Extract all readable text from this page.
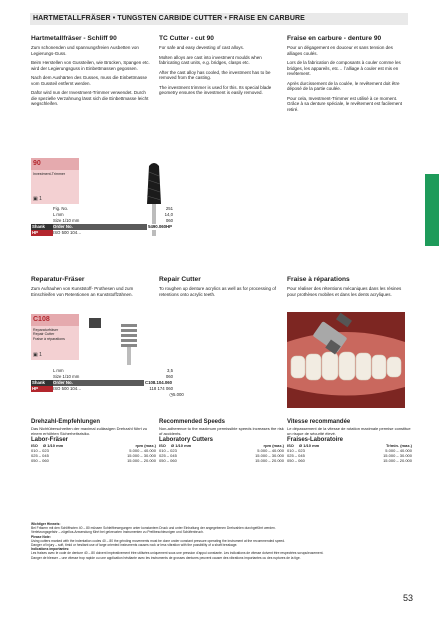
HARTMETALLFRÄSER • TUNGSTEN CARBIDE CUTTER • FRAISE EN CARBURE
Hartmetallfräser - Schliff 90
Zum schonenden und spannungsfreien Ausbetten von Legierungs-Guss.
Beim Herstellen von Gussteilen, wie Brücken, Spangen etc. wird der Legierungsguss in Einbettmassen gegossen.
Nach dem Aushärten des Gusses, muss die Einbettmasse vom Gussteil entfernt werden.
Dafür wird nun der Investment-Trimmer verwendet. Durch die spezielle Verzahnung lässt sich die Einbettmasse leicht wegschleifen.
TC Cutter - cut 90
For safe and easy devesting of cast alloys.
Molten alloys are cast into investment moulds when fabricating cast units, e.g. bridges, clasps etc.
After the cast alloy has cooled, the investment has to be removed from the casting.
The investment trimmer is used for this. Its special blade geometry ensures the investment is easily removed.
Fraise en carbure - denture 90
Pour un dégagement en douceur et sans tension des alliages coulés.
Lors de la fabrication de composants à couler comme les bridges, les appareils, etc… l´alliage à couler est mis en revêtement.
Après durcissement de la coulée, le revêtement doit être déposé de la partie coulée.
Pour cela, Investment-Trimmer est utilisé à ce moment. Grâce à sa denture spéciale, le revêtement est facilement retiré.
90
Investment-Trimmer
▣ 1
Fig. No.	251
L mm	14,0
Size 1/10 mm	060
Shank	Order No.	5490.060HP
HP	ISO 500 104…
Reparatur-Fräser
Zum Aufrauhen von Kunststoff- Prothesen und zum Einschleifen von Retentionen an Kunststoffzähnen.
Repair Cutter
To roughen up denture acrylics as well as for processing of retentions onto acrylic teeth.
Fraise à réparations
Pour réaliser des rétentions mécaniques dans les résines pour prothèses mobiles et dans les dents acryliques.
C108
Reparaturfräser
Repair Cutter
Fraise à réparations
▣ 1
L mm	3,5
Size 1/10 mm	060
Shank	Order No.	C108.104.060
HP	ISO 500 104…	118 174 060
◷ 5.000
Drehzahl-Empfehlungen
Das Nichtüberschreiten der maximal zulässigen Drehzahl führt zu einem erhöhten Sicherheitsrisiko.
Labor-Fräser
ISO Ø 1/10 mm	rpm (max.)
010 – 023	5.000 – 40.000
025 – 045	15.000 – 30.000
050 – 060	15.000 – 20.000
Recommended Speeds
Non-adherence to the maximum permissible speeds increases the risk of accidents.
Laboratory Cutters
ISO Ø 1/10 mm	rpm (max.)
010 – 023	5.000 – 40.000
025 – 045	15.000 – 30.000
050 – 060	15.000 – 20.000
Vitesse recommandée
Le dépassement de la vitesse de rotation maximale permise constitue un risque de sécurité élevé.
Fraises-Laboratoire
ISO Ø 1/10 mm	Tr/min. (max.)
010 – 023	5.000 – 40.000
025 – 045	15.000 – 30.000
050 – 060	15.000 – 20.000
Wichtiger Hinweis:
Bei Fräsern mit den Schliffnoten 40 – 80 müssen Schleifbewegungen unter konstantem Druck und unter Einhaltung der angegebenen Drehzahlen durchgeführt werden.
Verletzungsgefahr – zügellos-Anwendung führt bei gekreuzten Instrumenten zu Prellbeschleunigen und Schäfenbruch.
Please Note:
Using cutters marked with the indentation codes 40 – 80 the grinding movements must be done under constant pressure operating the instrument at the recommended speed.
Danger of injury – soft, timid or hesitant use of large oriented instruments causes rock or less vibration with the possibility of a shaft breakage.
Indications importantes:
Les fraises avec le code de denture 40 – 80 doivent impérativement être utilisées uniquement sous une pression d'appui constante. Les indications de vitesse doivent être respectées scrupuleusement.
Danger de blesser – une vitesse trop rapide ou une application hésitante avec les instruments de grosses dentures peuvent causer des vibrations importantes ou des ruptures de la tige.
53
